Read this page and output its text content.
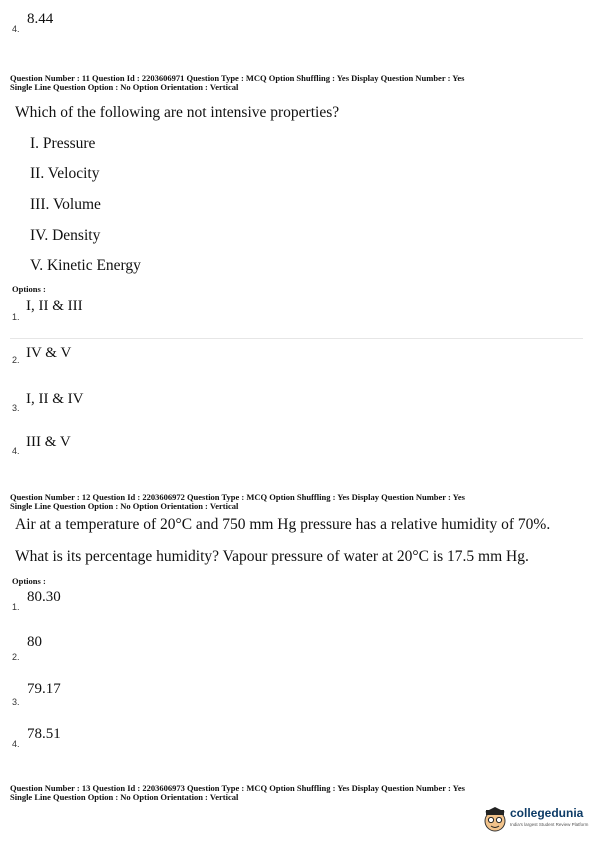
4.
8.44
Question Number : 11 Question Id : 2203606971 Question Type : MCQ Option Shuffling : Yes Display Question Number : Yes
Single Line Question Option : No Option Orientation : Vertical
Which of the following are not intensive properties?
I. Pressure
II. Velocity
III. Volume
IV. Density
V. Kinetic Energy
Options :
1.
I, II & III
2. IV & V
3.
I, II & IV
4.
III & V
Question Number : 12 Question Id : 2203606972 Question Type : MCQ Option Shuffling : Yes Display Question Number : Yes
Single Line Question Option : No Option Orientation : Vertical
Air at a temperature of 20°C and 750 mm Hg pressure has a relative humidity of 70%.
What is its percentage humidity? Vapour pressure of water at 20°C is 17.5 mm Hg.
Options :
1.
80.30
2.
80
3.
79.17
4.
78.51
Question Number : 13 Question Id : 2203606973 Question Type : MCQ Option Shuffling : Yes Display Question Number : Yes
Single Line Question Option : No Option Orientation : Vertical
collegedunia
India's largest Student Review Platform
